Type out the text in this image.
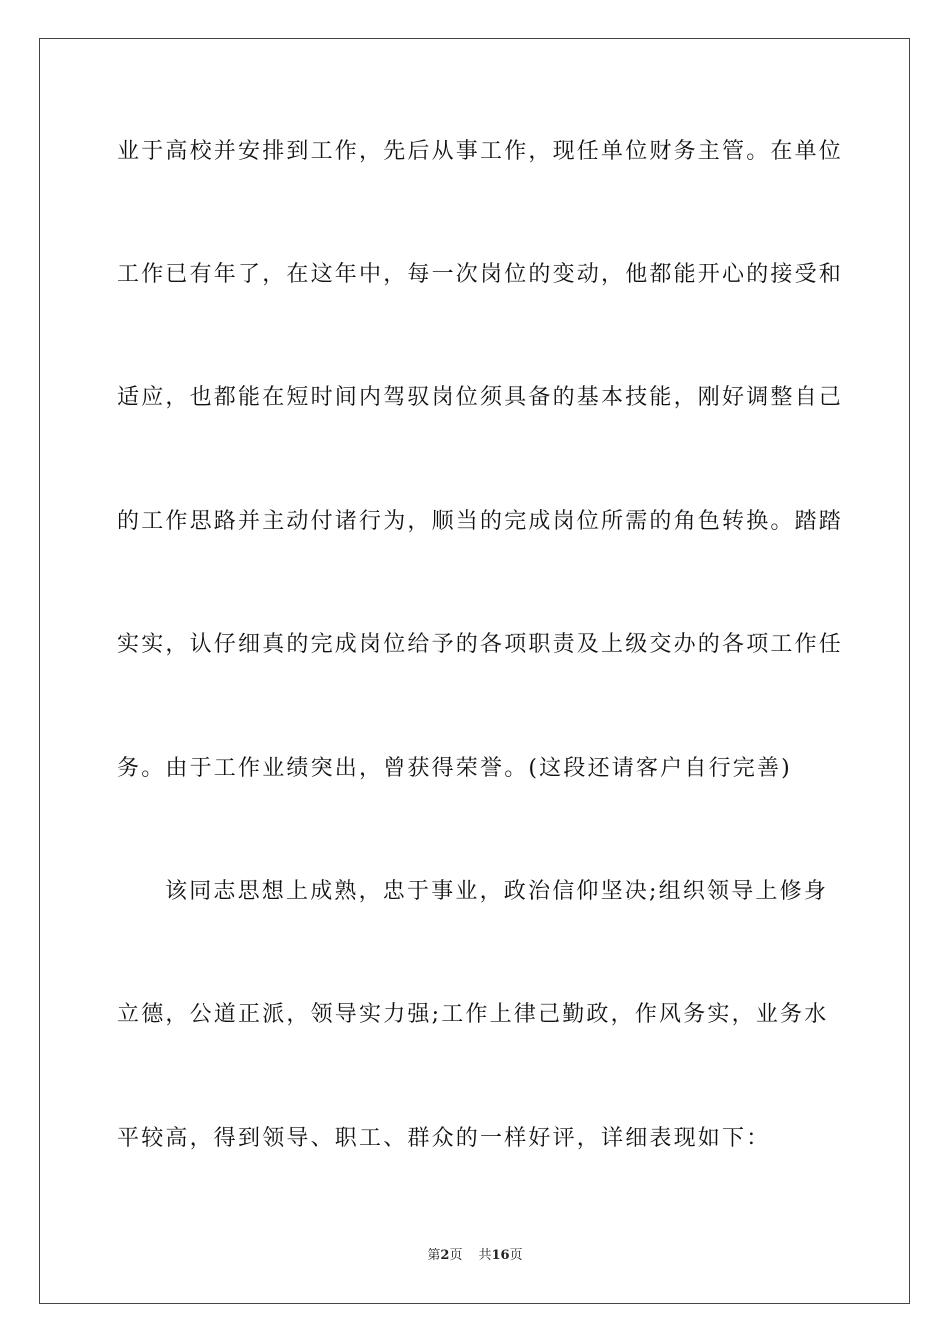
业于高校并安排到工作，先后从事工作，现任单位财务主管。在单位
工作已有年了，在这年中，每一次岗位的变动，他都能开心的接受和
适应，也都能在短时间内驾驭岗位须具备的基本技能，刚好调整自己
的工作思路并主动付诸行为，顺当的完成岗位所需的角色转换。踏踏
实实，认仔细真的完成岗位给予的各项职责及上级交办的各项工作任
务。由于工作业绩突出，曾获得荣誉。(这段还请客户自行完善)
该同志思想上成熟，忠于事业，政治信仰坚决;组织领导上修身
立德，公道正派，领导实力强;工作上律己勤政，作风务实，业务水
平较高，得到领导、职工、群众的一样好评，详细表现如下：
第2页 共16页
